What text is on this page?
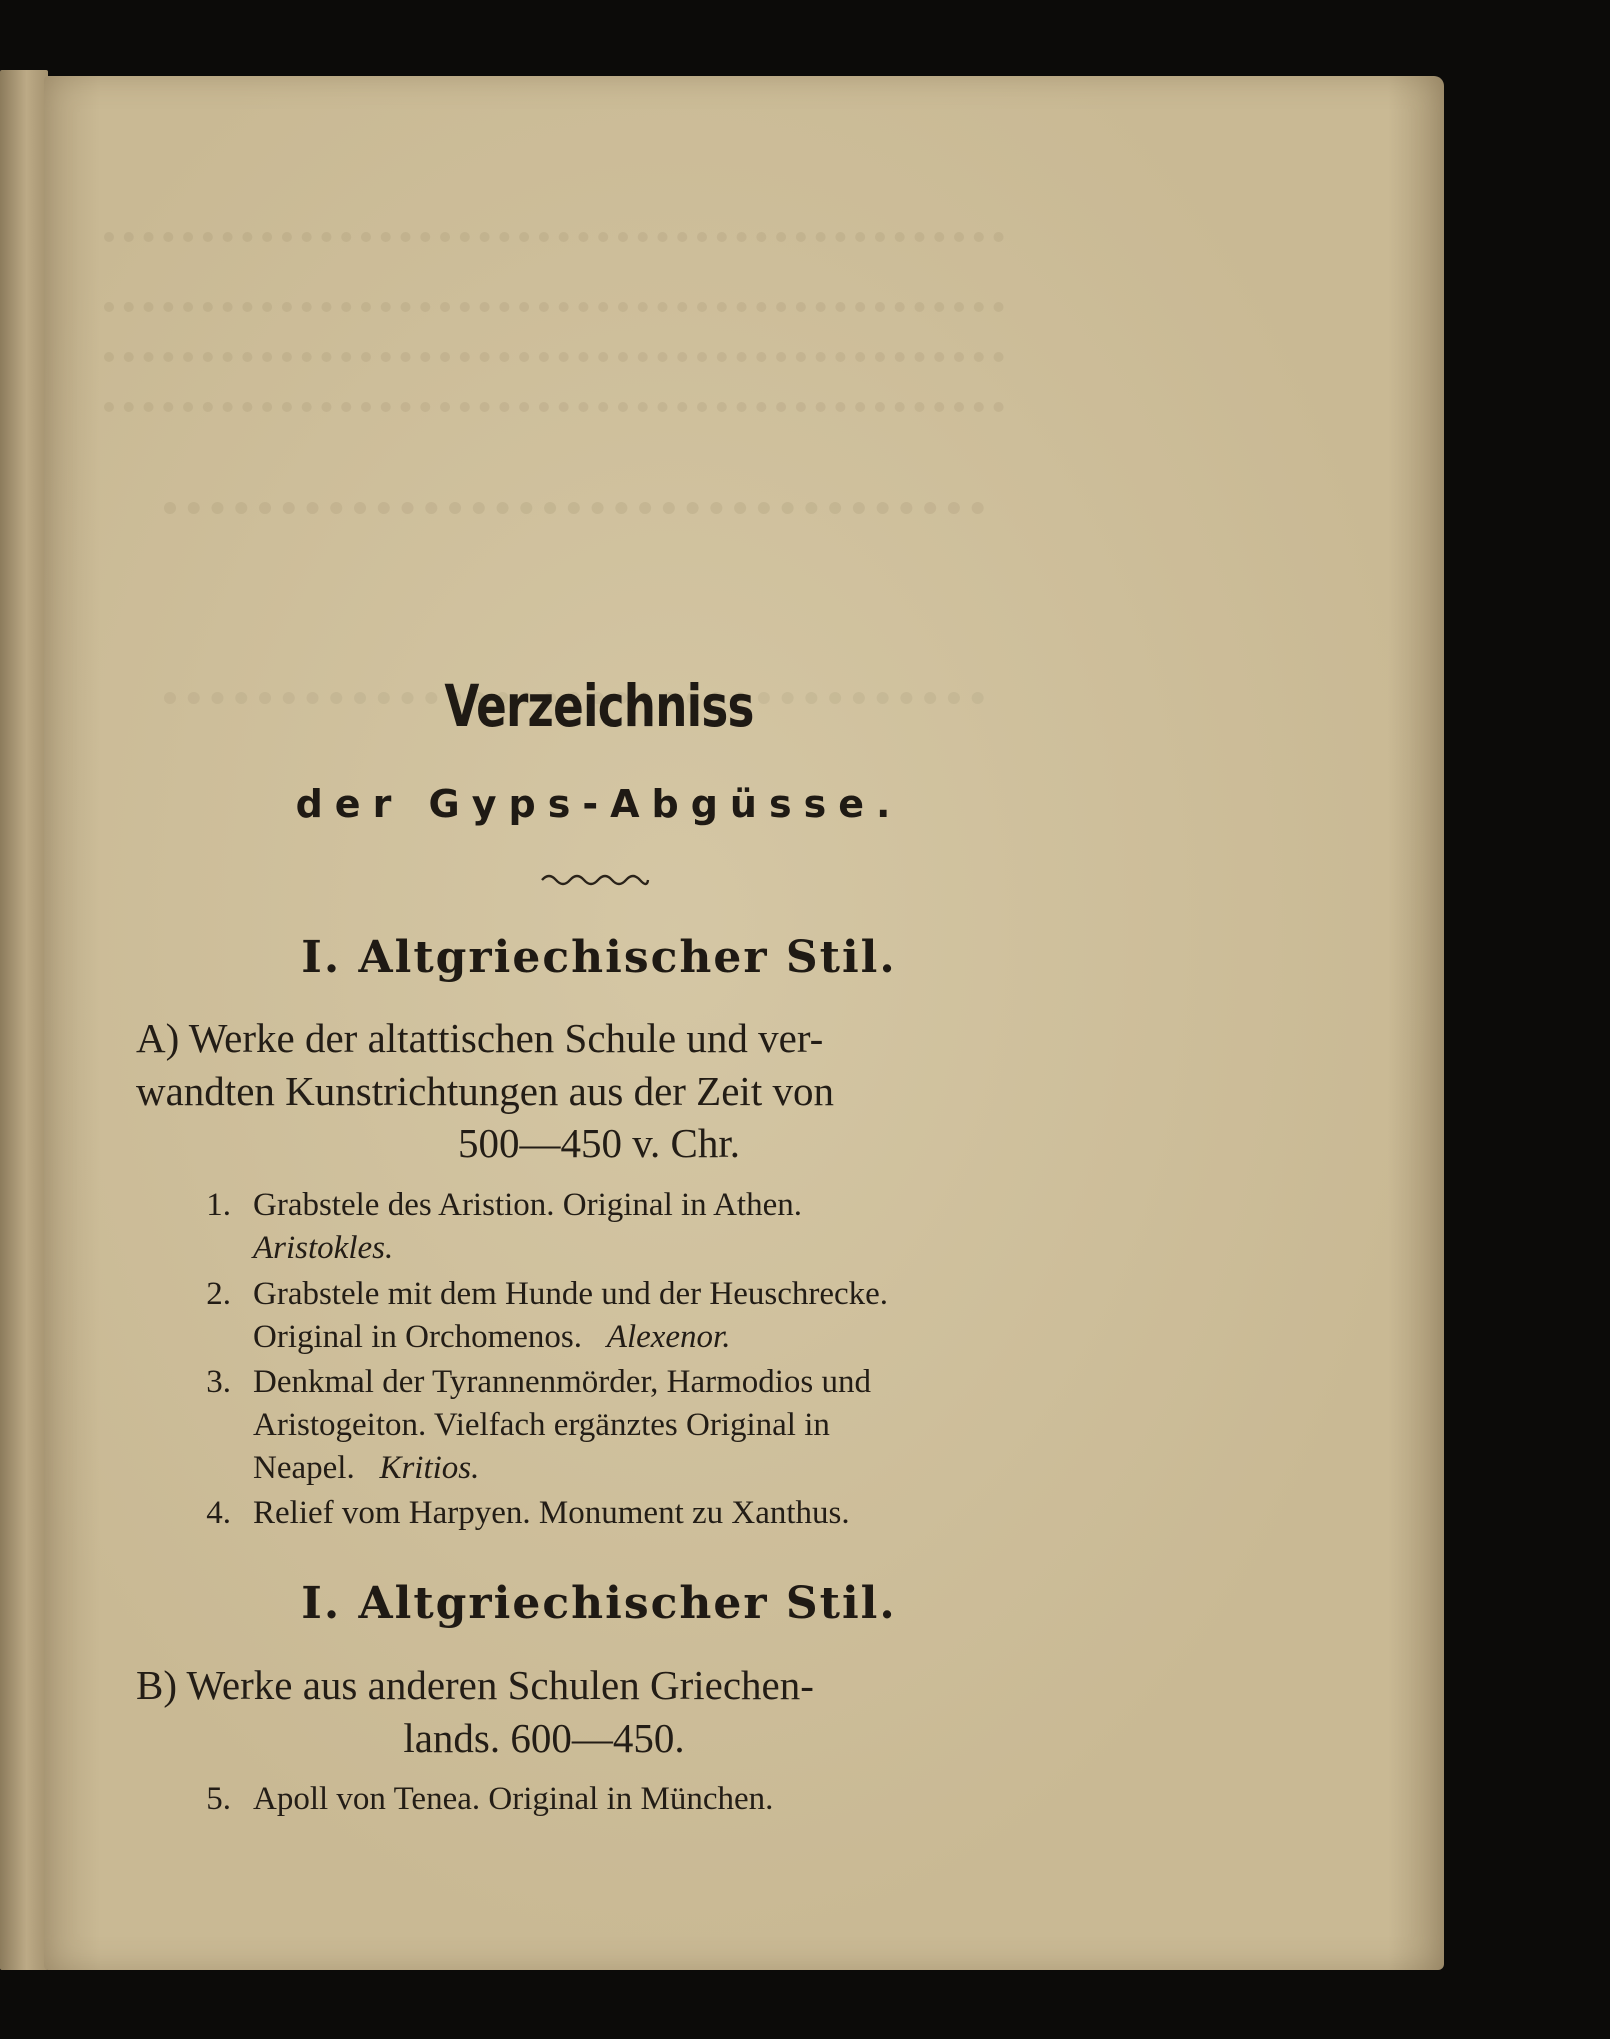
Verzeichniss
der Gyps-Abgüsse.
I. Altgriechischer Stil.
A) Werke der altattischen Schule und ver-
wandten Kunstrichtungen aus der Zeit von
500—450 v. Chr.
1. Grabstele des Aristion. Original in Athen.
Aristokles.
2. Grabstele mit dem Hunde und der Heuschrecke.
Original in Orchomenos. Alexenor.
3. Denkmal der Tyrannenmörder, Harmodios und
Aristogeiton. Vielfach ergänztes Original in
Neapel. Kritios.
4. Relief vom Harpyen. Monument zu Xanthus.
I. Altgriechischer Stil.
B) Werke aus anderen Schulen Griechen-
lands. 600—450.
5. Apoll von Tenea. Original in München.
